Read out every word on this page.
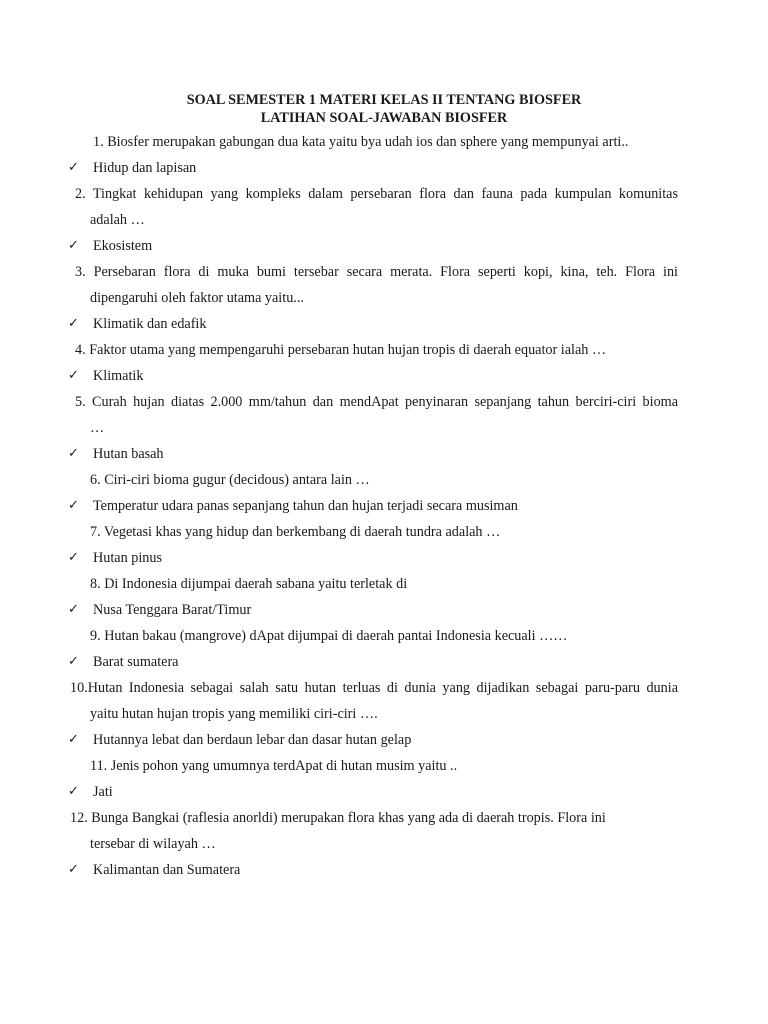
SOAL SEMESTER 1 MATERI KELAS II TENTANG BIOSFER
LATIHAN SOAL-JAWABAN BIOSFER
1. Biosfer merupakan gabungan dua kata yaitu bya udah ios dan sphere yang mempunyai arti..
✓ Hidup dan lapisan
2. Tingkat kehidupan yang kompleks dalam persebaran flora dan fauna pada kumpulan komunitas
adalah …
✓ Ekosistem
3. Persebaran flora di muka bumi tersebar secara merata. Flora seperti kopi, kina, teh. Flora ini
dipengaruhi oleh faktor utama yaitu...
✓ Klimatik dan edafik
4. Faktor utama yang mempengaruhi persebaran hutan hujan tropis di daerah equator ialah …
✓ Klimatik
5. Curah hujan diatas 2.000 mm/tahun dan mendApat penyinaran sepanjang tahun berciri-ciri bioma
…
✓ Hutan basah
6. Ciri-ciri bioma gugur (decidous) antara lain …
✓ Temperatur udara panas sepanjang tahun dan hujan terjadi secara musiman
7. Vegetasi khas yang hidup dan berkembang di daerah tundra adalah …
✓ Hutan pinus
8. Di Indonesia dijumpai daerah sabana yaitu terletak di
✓ Nusa Tenggara Barat/Timur
9. Hutan bakau (mangrove) dApat dijumpai di daerah pantai Indonesia kecuali ……
✓ Barat sumatera
10.Hutan Indonesia sebagai salah satu hutan terluas di dunia yang dijadikan sebagai paru-paru dunia
yaitu hutan hujan tropis yang memiliki ciri-ciri ….
✓ Hutannya lebat dan berdaun lebar dan dasar hutan gelap
11. Jenis pohon yang umumnya terdApat di hutan musim yaitu ..
✓ Jati
12. Bunga Bangkai (raflesia anorldi) merupakan flora khas yang ada di daerah tropis. Flora ini
tersebar di wilayah …
✓ Kalimantan dan Sumatera
